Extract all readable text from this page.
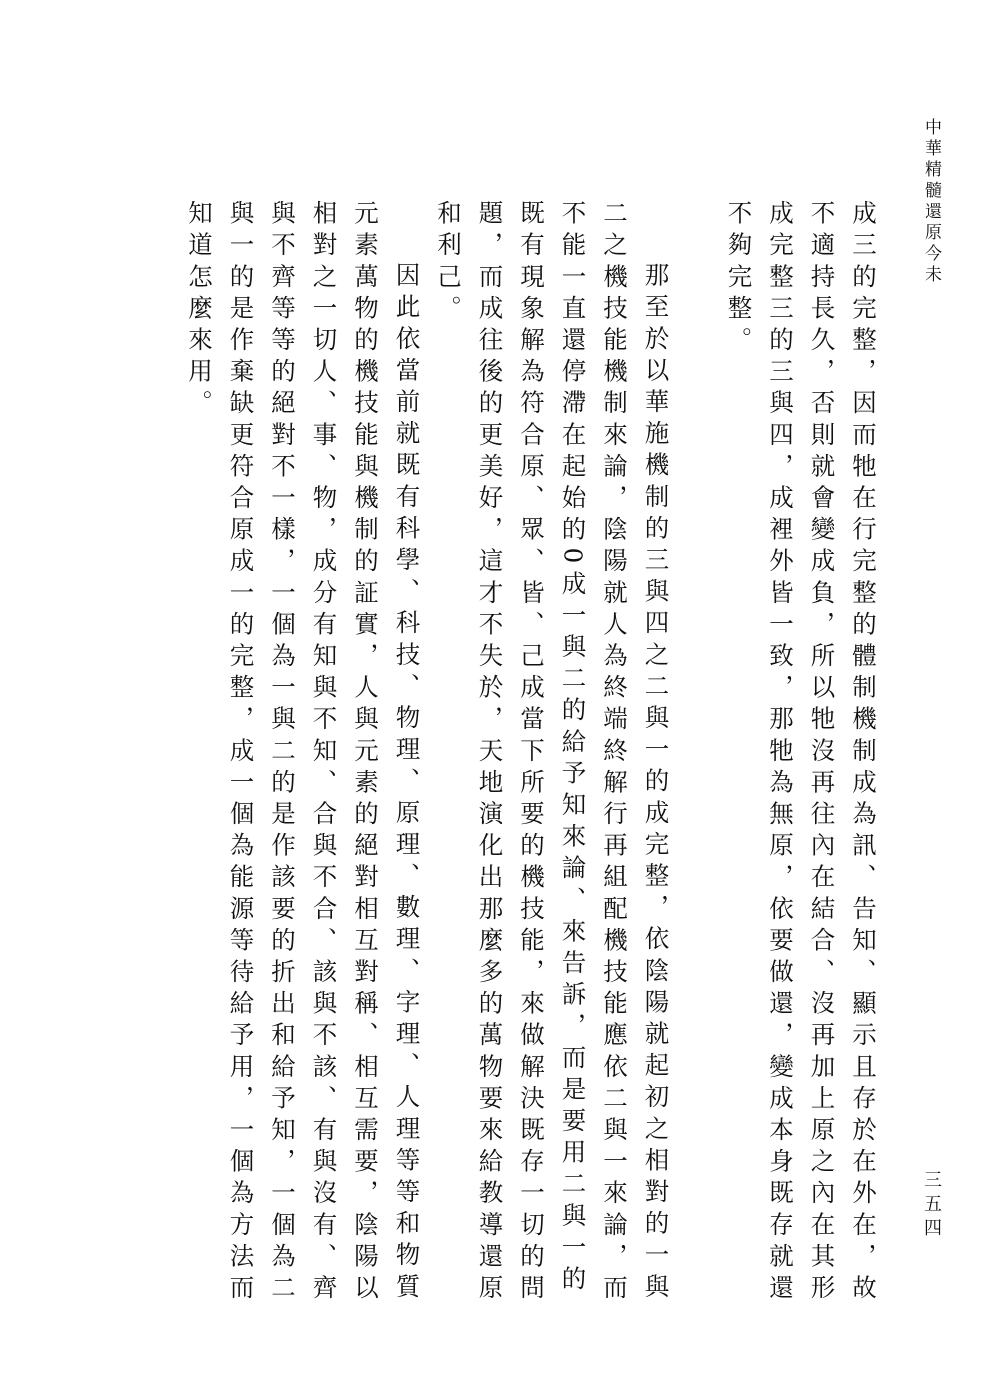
中華精髓還原今未
三五四
成三的完整，因而牠在行完整的體制機制成為訊、告知、顯示且存於在外在，故
不適持長久，否則就會變成負，所以牠沒再往內在結合、沒再加上原之內在其形
成完整三的三與四，成裡外皆一致，那牠為無原，依要做還，變成本身既存就還
不夠完整。
那至於以華施機制的三與四之二與一的成完整，依陰陽就起初之相對的一與
二之機技能機制來論，陰陽就人為終端終解行再組配機技能應依二與一來論，而
不能一直還停滯在起始的0成一與二的給予知來論、來告訴，而是要用二與一的
既有現象解為符合原、眾、皆、己成當下所要的機技能，來做解決既存一切的問
題，而成往後的更美好，這才不失於，天地演化出那麼多的萬物要來給教導還原
和利己。
因此依當前就既有科學、科技、物理、原理、數理、字理、人理等等和物質
元素萬物的機技能與機制的証實，人與元素的絕對相互對稱、相互需要，陰陽以
相對之一切人、事、物，成分有知與不知、合與不合、該與不該、有與沒有、齊
與不齊等等的絕對不一樣，一個為一與二的是作該要的折出和給予知，一個為二
與一的是作棄缺更符合原成一的完整，成一個為能源等待給予用，一個為方法而
知道怎麼來用。
